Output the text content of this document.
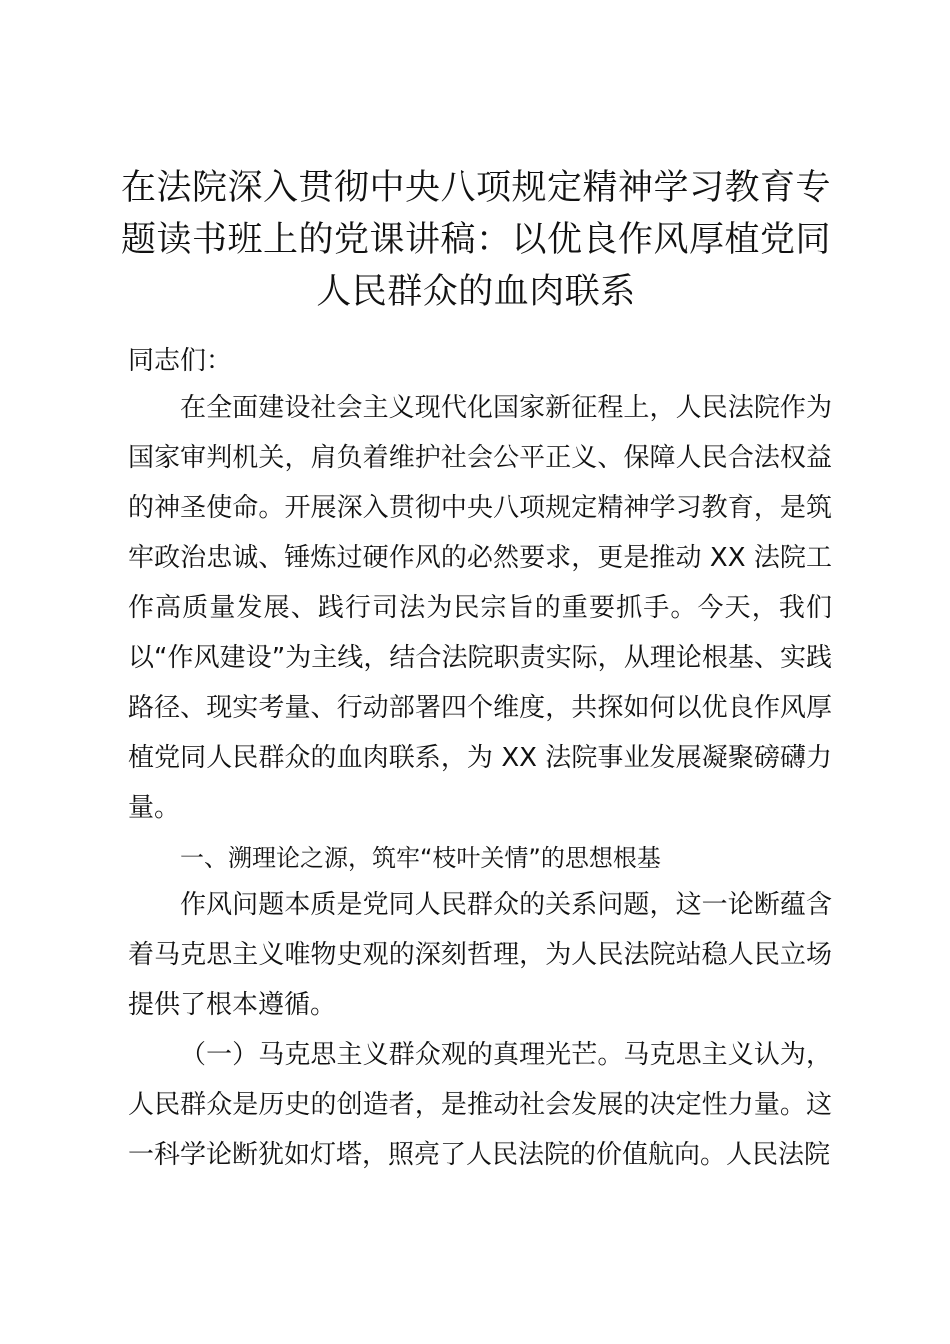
在法院深入贯彻中央八项规定精神学习教育专题读书班上的党课讲稿：以优良作风厚植党同人民群众的血肉联系

同志们：

在全面建设社会主义现代化国家新征程上，人民法院作为国家审判机关，肩负着维护社会公平正义、保障人民合法权益的神圣使命。开展深入贯彻中央八项规定精神学习教育，是筑牢政治忠诚、锤炼过硬作风的必然要求，更是推动 XX 法院工作高质量发展、践行司法为民宗旨的重要抓手。今天，我们以“作风建设”为主线，结合法院职责实际，从理论根基、实践路径、现实考量、行动部署四个维度，共探如何以优良作风厚植党同人民群众的血肉联系，为 XX 法院事业发展凝聚磅礴力量。

一、溯理论之源，筑牢“枝叶关情”的思想根基

作风问题本质是党同人民群众的关系问题，这一论断蕴含着马克思主义唯物史观的深刻哲理，为人民法院站稳人民立场提供了根本遵循。

（一）马克思主义群众观的真理光芒。马克思主义认为，人民群众是历史的创造者，是推动社会发展的决定性力量。这一科学论断犹如灯塔，照亮了人民法院的价值航向。人民法院
